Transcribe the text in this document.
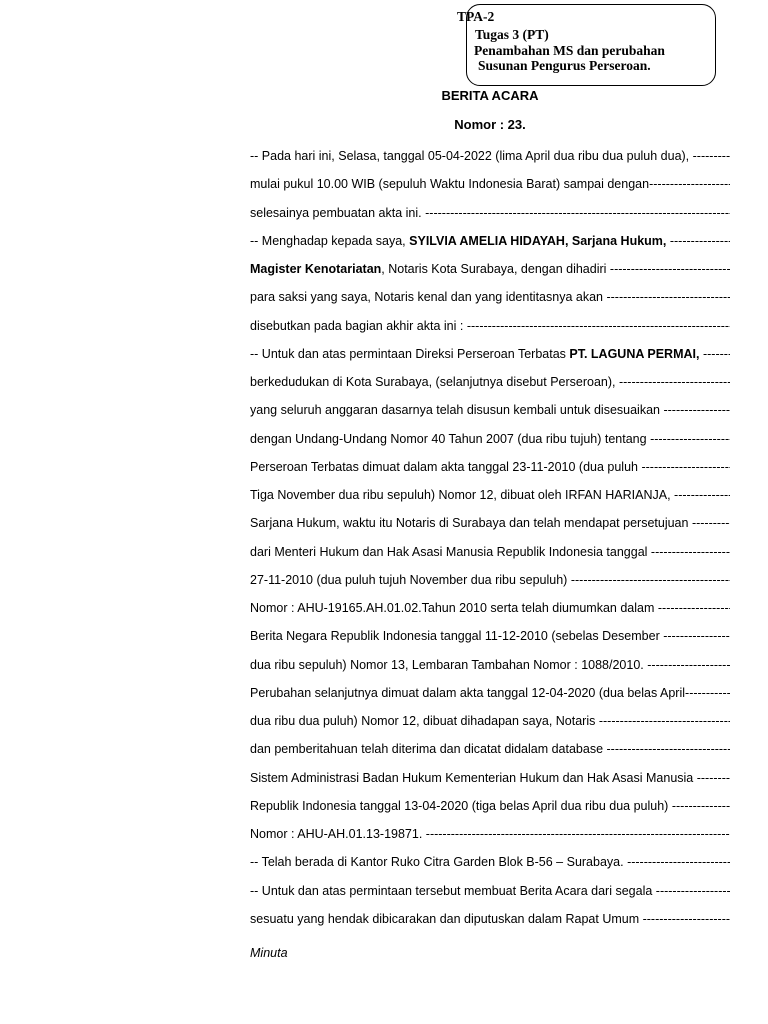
TPA-2
Tugas 3 (PT)
Penambahan MS dan perubahan
Susunan Pengurus Perseroan.
BERITA ACARA
Nomor : 23.
-- Pada hari ini, Selasa, tanggal 05-04-2022 (lima April dua ribu dua puluh dua), -----
mulai pukul 10.00 WIB (sepuluh Waktu Indonesia Barat) sampai dengan -----
selesainya pembuatan akta ini. -----
-- Menghadap kepada saya, SYILVIA AMELIA HIDAYAH, Sarjana Hukum, -----
Magister Kenotariatan, Notaris Kota Surabaya, dengan dihadiri -----
para saksi yang saya, Notaris kenal dan yang identitasnya akan -----
disebutkan pada bagian akhir akta ini : -----
-- Untuk dan atas permintaan Direksi Perseroan Terbatas PT. LAGUNA PERMAI, -----
berkedudukan di Kota Surabaya, (selanjutnya disebut Perseroan), -----
yang seluruh anggaran dasarnya telah disusun kembali untuk disesuaikan -----
dengan Undang-Undang Nomor 40 Tahun 2007 (dua ribu tujuh) tentang -----
Perseroan Terbatas dimuat dalam akta tanggal 23-11-2010 (dua puluh -----
Tiga November dua ribu sepuluh) Nomor 12, dibuat oleh IRFAN HARIANJA, -----
Sarjana Hukum, waktu itu Notaris di Surabaya dan telah mendapat persetujuan -----
dari Menteri Hukum dan Hak Asasi Manusia Republik Indonesia tanggal -----
27-11-2010 (dua puluh tujuh November dua ribu sepuluh) -----
Nomor : AHU-19165.AH.01.02.Tahun 2010 serta telah diumumkan dalam -----
Berita Negara Republik Indonesia tanggal 11-12-2010 (sebelas Desember -----
dua ribu sepuluh) Nomor 13, Lembaran Tambahan Nomor : 1088/2010. -----
Perubahan selanjutnya dimuat dalam akta tanggal 12-04-2020 (dua belas April -----
dua ribu dua puluh) Nomor 12, dibuat dihadapan saya, Notaris -----
dan pemberitahuan telah diterima dan dicatat didalam database -----
Sistem Administrasi Badan Hukum Kementerian Hukum dan Hak Asasi Manusia -----
Republik Indonesia tanggal 13-04-2020 (tiga belas April dua ribu dua puluh) -----
Nomor : AHU-AH.01.13-19871. -----
-- Telah berada di Kantor Ruko Citra Garden Blok B-56 – Surabaya. -----
-- Untuk dan atas permintaan tersebut membuat Berita Acara dari segala -----
sesuatu yang hendak dibicarakan dan diputuskan dalam Rapat Umum -----
Minuta
